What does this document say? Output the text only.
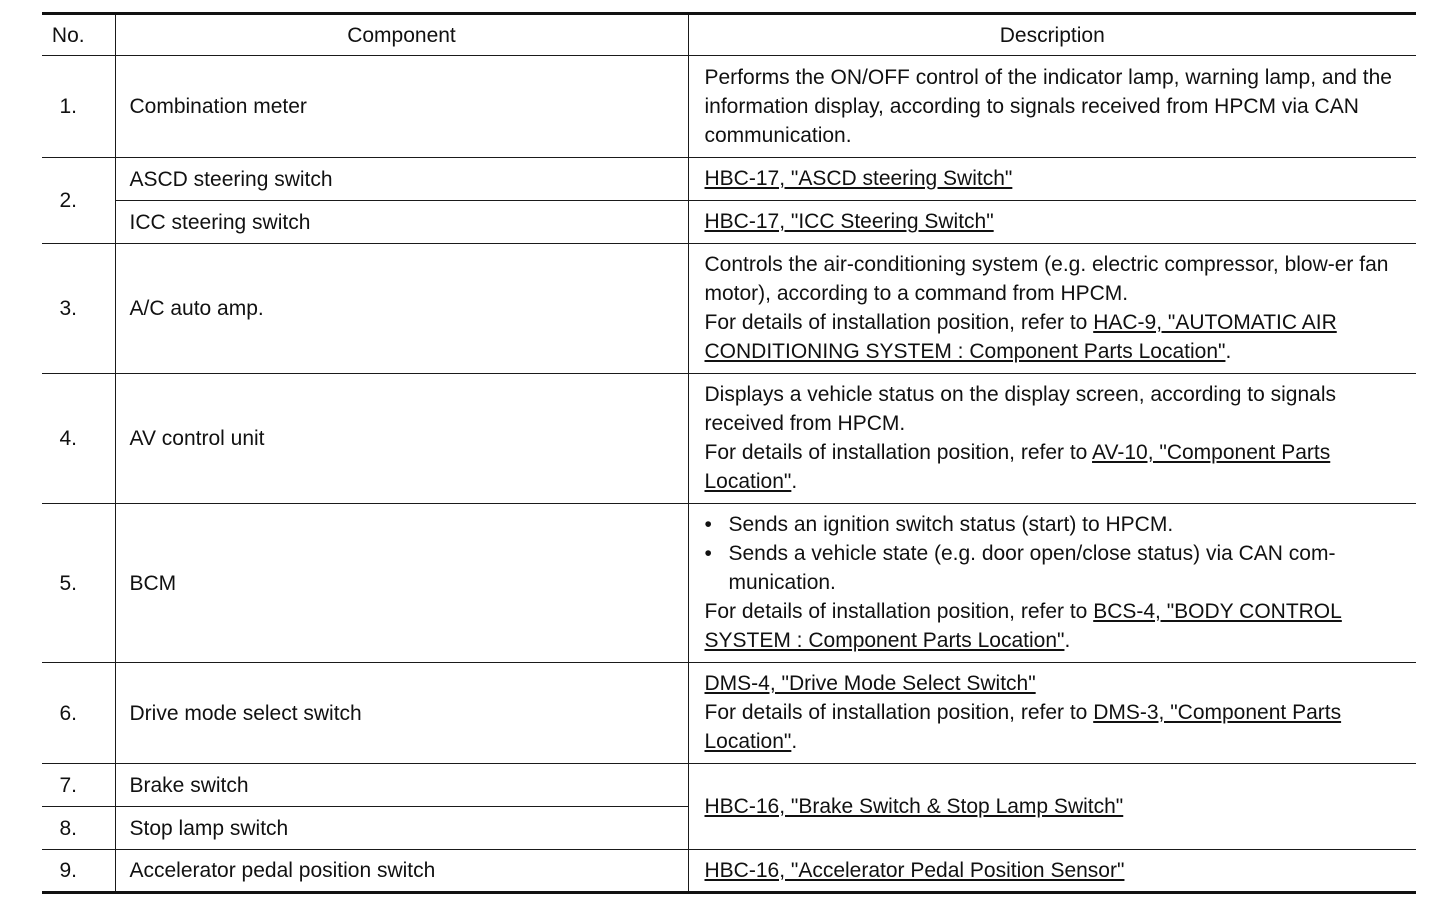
No.	Component	Description
1.	Combination meter	Performs the ON/OFF control of the indicator lamp, warning lamp, and the information display, according to signals received from HPCM via CAN communication.
2.	ASCD steering switch	HBC-17, "ASCD steering Switch"
	ICC steering switch	HBC-17, "ICC Steering Switch"
3.	A/C auto amp.	Controls the air-conditioning system (e.g. electric compressor, blow-er fan motor), according to a command from HPCM.
For details of installation position, refer to HAC-9, "AUTOMATIC AIR CONDITIONING SYSTEM : Component Parts Location".
4.	AV control unit	Displays a vehicle status on the display screen, according to signals received from HPCM.
For details of installation position, refer to AV-10, "Component Parts Location".
5.	BCM	• Sends an ignition switch status (start) to HPCM.
• Sends a vehicle state (e.g. door open/close status) via CAN com-munication.
For details of installation position, refer to BCS-4, "BODY CONTROL SYSTEM : Component Parts Location".
6.	Drive mode select switch	DMS-4, "Drive Mode Select Switch"
For details of installation position, refer to DMS-3, "Component Parts Location".
7.	Brake switch	HBC-16, "Brake Switch & Stop Lamp Switch"
8.	Stop lamp switch	
9.	Accelerator pedal position switch	HBC-16, "Accelerator Pedal Position Sensor"
